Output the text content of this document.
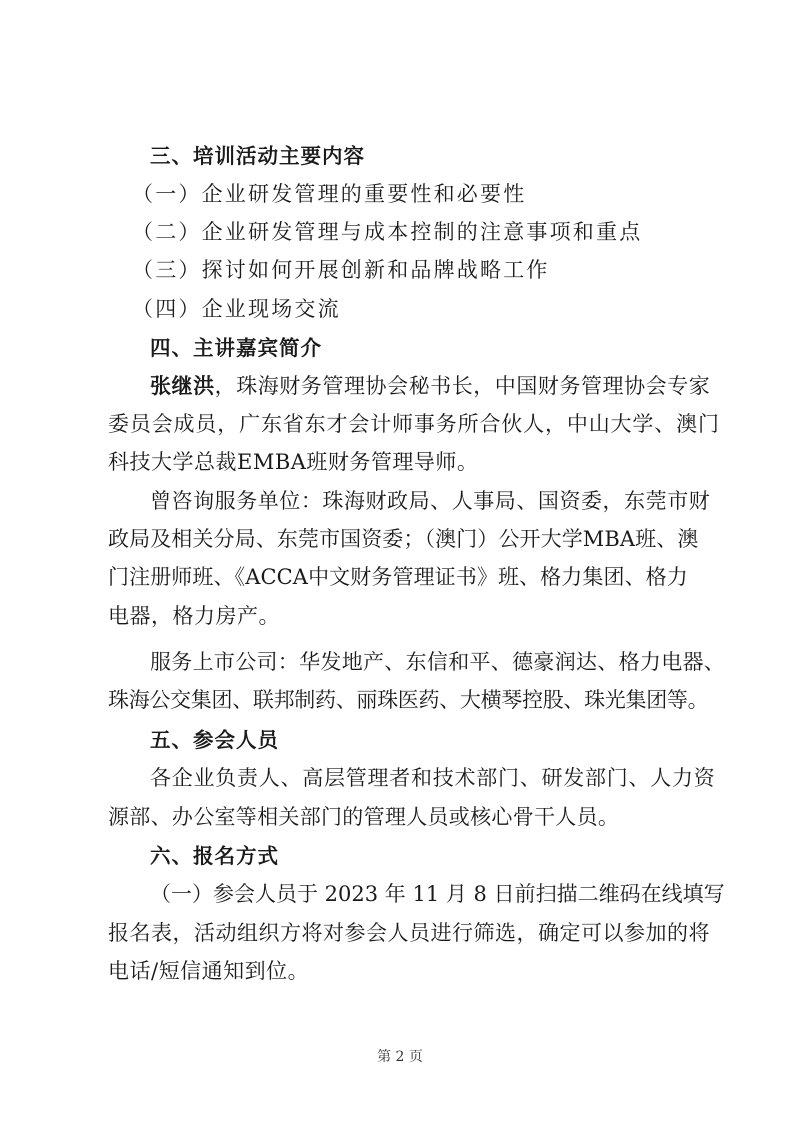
三、培训活动主要内容
（一）企业研发管理的重要性和必要性
（二）企业研发管理与成本控制的注意事项和重点
（三）探讨如何开展创新和品牌战略工作
（四）企业现场交流
四、主讲嘉宾简介
张继洪，珠海财务管理协会秘书长，中国财务管理协会专家
委员会成员，广东省东才会计师事务所合伙人，中山大学、澳门
科技大学总裁EMBA班财务管理导师。
曾咨询服务单位：珠海财政局、人事局、国资委，东莞市财
政局及相关分局、东莞市国资委；（澳门）公开大学MBA班、澳
门注册师班、《ACCA中文财务管理证书》班、格力集团、格力
电器，格力房产。
服务上市公司：华发地产、东信和平、德豪润达、格力电器、
珠海公交集团、联邦制药、丽珠医药、大横琴控股、珠光集团等。
五、参会人员
各企业负责人、高层管理者和技术部门、研发部门、人力资
源部、办公室等相关部门的管理人员或核心骨干人员。
六、报名方式
（一）参会人员于 2023 年 11 月 8 日前扫描二维码在线填写
报名表，活动组织方将对参会人员进行筛选，确定可以参加的将
电话/短信通知到位。
第 2 页
